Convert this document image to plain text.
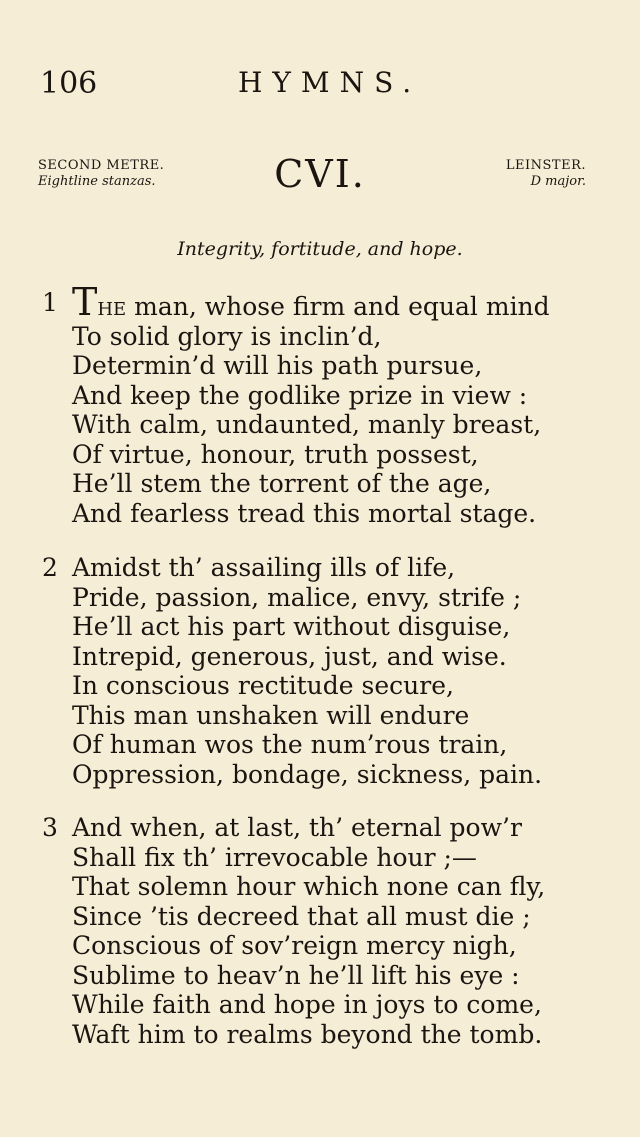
106	HYMNS.
SECOND METRE.
Eightline stanzas.	CVI.	LEINSTER.
D major.
Integrity, fortitude, and hope.
1 The man, whose firm and equal mind
To solid glory is inclin’d,
Determin’d will his path pursue,
And keep the godlike prize in view :
With calm, undaunted, manly breast,
Of virtue, honour, truth possest,
He’ll stem the torrent of the age,
And fearless tread this mortal stage.
2 Amidst th’ assailing ills of life,
Pride, passion, malice, envy, strife ;
He’ll act his part without disguise,
Intrepid, generous, just, and wise.
In conscious rectitude secure,
This man unshaken will endure
Of human wos the num’rous train,
Oppression, bondage, sickness, pain.
3 And when, at last, th’ eternal pow’r
Shall fix th’ irrevocable hour ;—
That solemn hour which none can fly,
Since ’tis decreed that all must die ;
Conscious of sov’reign mercy nigh,
Sublime to heav’n he’ll lift his eye :
While faith and hope in joys to come,
Waft him to realms beyond the tomb.
